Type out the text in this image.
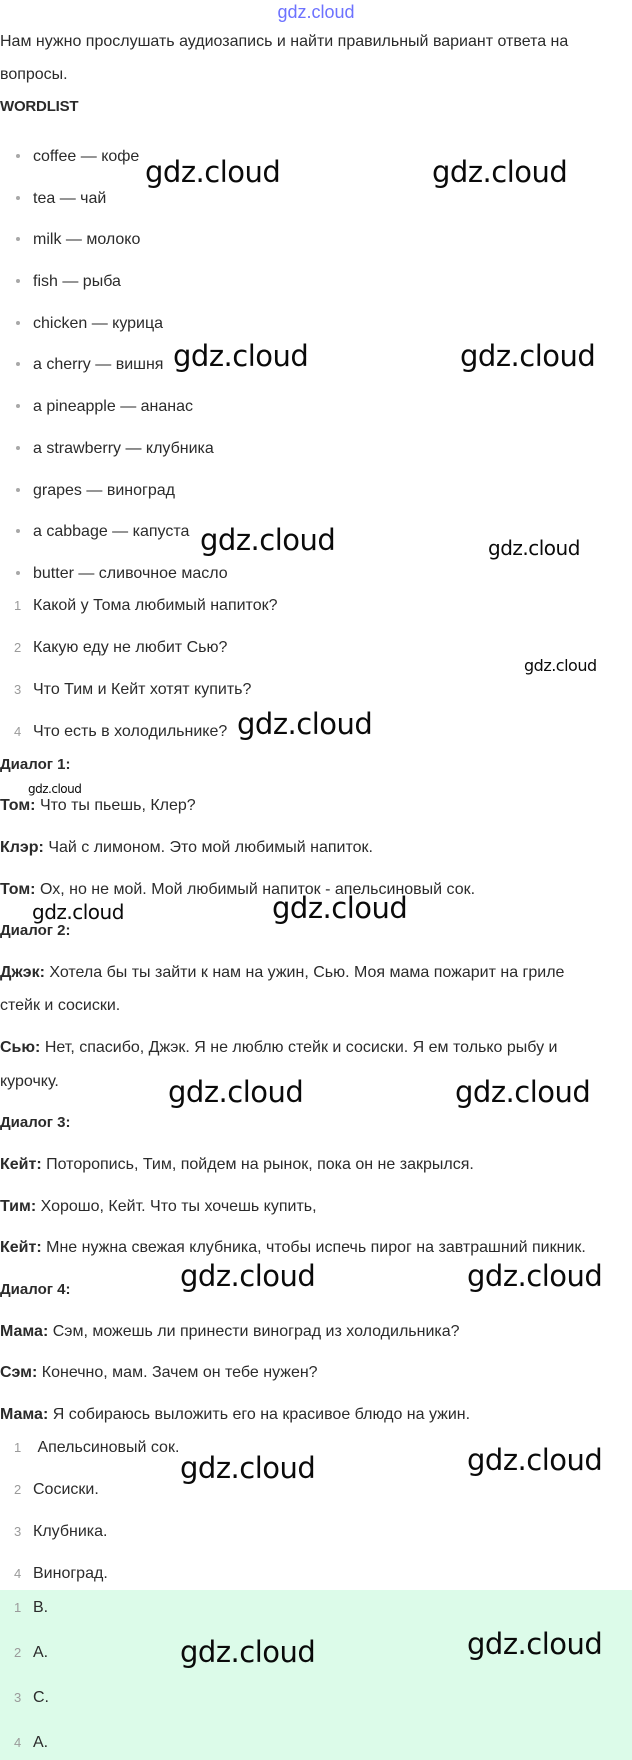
gdz.cloud
Нам нужно прослушать аудиозапись и найти правильный вариант ответа на
вопросы.
WORDLIST
coffee — кофе
tea — чай
milk — молоко
fish — рыба
chicken — курица
a cherry — вишня
a pineapple — ананас
a strawberry — клубника
grapes — виноград
a cabbage — капуста
butter — сливочное масло
1 Какой у Тома любимый напиток?
2 Какую еду не любит Сью?
3 Что Тим и Кейт хотят купить?
4 Что есть в холодильнике?
Диалог 1:
Том: Что ты пьешь, Клер?
Клэр: Чай с лимоном. Это мой любимый напиток.
Том: Ох, но не мой. Мой любимый напиток - апельсиновый сок.
Диалог 2:
Джэк: Хотела бы ты зайти к нам на ужин, Сью. Моя мама пожарит на гриле
стейк и сосиски.
Сью: Нет, спасибо, Джэк. Я не люблю стейк и сосиски. Я ем только рыбу и
курочку.
Диалог 3:
Кейт: Поторопись, Тим, пойдем на рынок, пока он не закрылся.
Тим: Хорошо, Кейт. Что ты хочешь купить,
Кейт: Мне нужна свежая клубника, чтобы испечь пирог на завтрашний пикник.
Диалог 4:
Мама: Сэм, можешь ли принести виноград из холодильника?
Сэм: Конечно, мам. Зачем он тебе нужен?
Мама: Я собираюсь выложить его на красивое блюдо на ужин.
1 Апельсиновый сок.
2 Сосиски.
3 Клубника.
4 Виноград.
1 B.
2 A.
3 C.
4 A.
gdz.cloud	gdz.cloud
gdz.cloud	gdz.cloud
gdz.cloud	gdz.cloud
gdz.cloud
gdz.cloud
gdz.cloud
gdz.cloud	gdz.cloud
gdz.cloud	gdz.cloud
gdz.cloud	gdz.cloud
gdz.cloud	gdz.cloud
gdz.cloud	gdz.cloud
